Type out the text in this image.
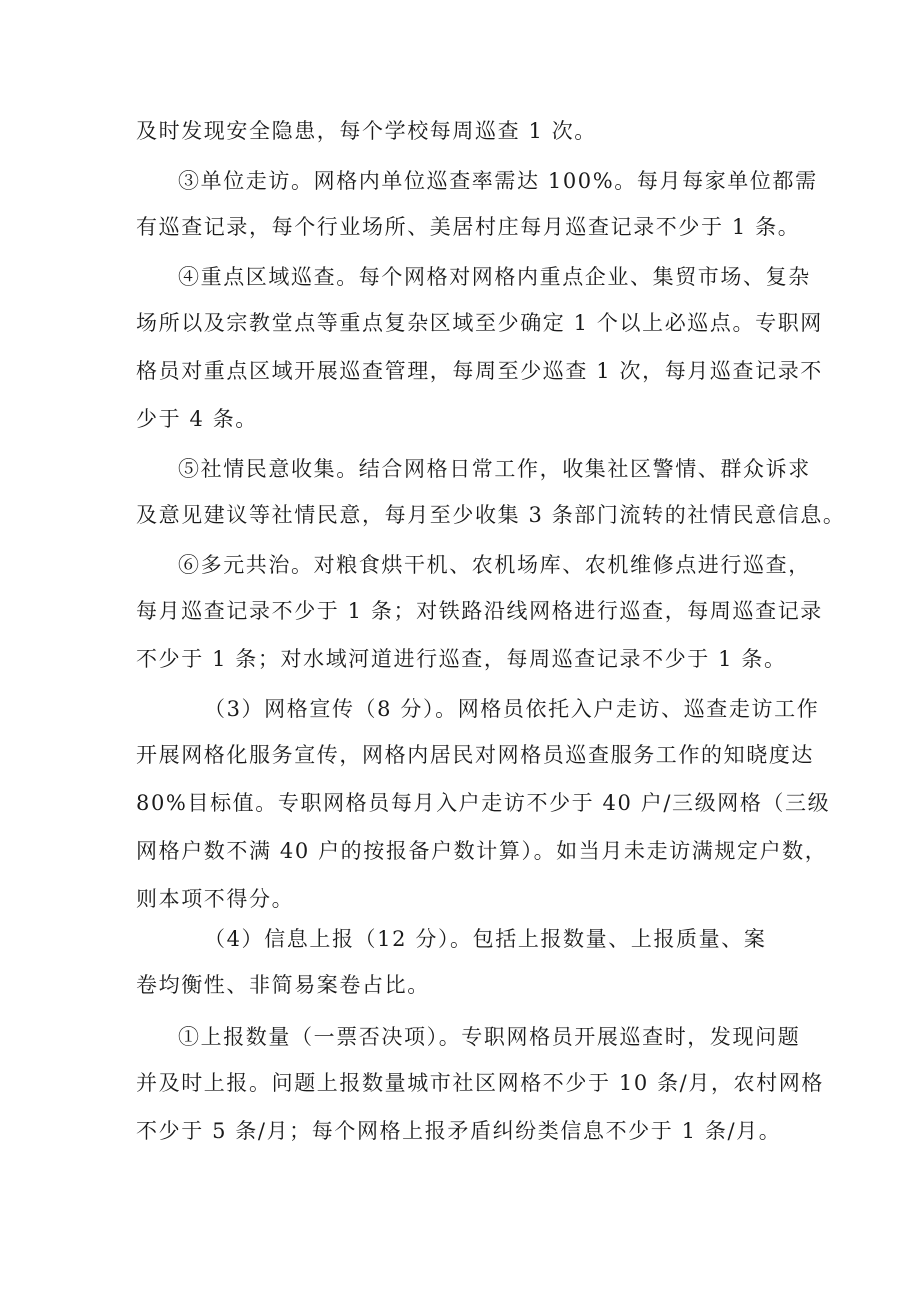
及时发现安全隐患，每个学校每周巡查 1 次。
③单位走访。网格内单位巡查率需达 100%。每月每家单位都需
有巡查记录，每个行业场所、美居村庄每月巡查记录不少于 1 条。
④重点区域巡查。每个网格对网格内重点企业、集贸市场、复杂
场所以及宗教堂点等重点复杂区域至少确定 1 个以上必巡点。专职网
格员对重点区域开展巡查管理，每周至少巡查 1 次，每月巡查记录不
少于 4 条。
⑤社情民意收集。结合网格日常工作，收集社区警情、群众诉求
及意见建议等社情民意，每月至少收集 3 条部门流转的社情民意信息。
⑥多元共治。对粮食烘干机、农机场库、农机维修点进行巡查，
每月巡查记录不少于 1 条；对铁路沿线网格进行巡查，每周巡查记录
不少于 1 条；对水域河道进行巡查，每周巡查记录不少于 1 条。
（3）网格宣传（8 分）。网格员依托入户走访、巡查走访工作
开展网格化服务宣传，网格内居民对网格员巡查服务工作的知晓度达
80%目标值。专职网格员每月入户走访不少于 40 户/三级网格（三级
网格户数不满 40 户的按报备户数计算）。如当月未走访满规定户数，
则本项不得分。
（4）信息上报（12 分）。包括上报数量、上报质量、案
卷均衡性、非简易案卷占比。
①上报数量（一票否决项）。专职网格员开展巡查时，发现问题
并及时上报。问题上报数量城市社区网格不少于 10 条/月，农村网格
不少于 5 条/月；每个网格上报矛盾纠纷类信息不少于 1 条/月。
